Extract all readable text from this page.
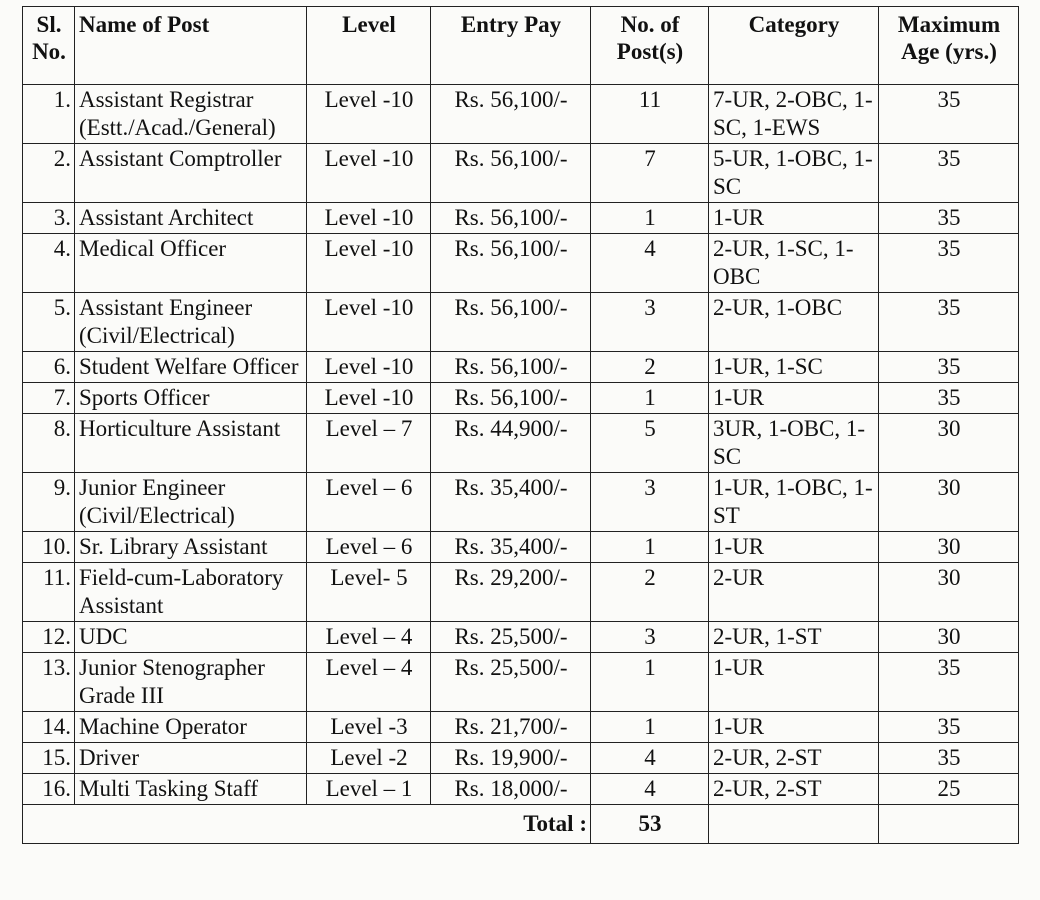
Sl. No.	Name of Post	Level	Entry Pay	No. of Post(s)	Category	Maximum Age (yrs.)
1.	Assistant Registrar (Estt./Acad./General)	Level -10	Rs. 56,100/-	11	7-UR, 2-OBC, 1-SC, 1-EWS	35
2.	Assistant Comptroller	Level -10	Rs. 56,100/-	7	5-UR, 1-OBC, 1-SC	35
3.	Assistant Architect	Level -10	Rs. 56,100/-	1	1-UR	35
4.	Medical Officer	Level -10	Rs. 56,100/-	4	2-UR, 1-SC, 1-OBC	35
5.	Assistant Engineer (Civil/Electrical)	Level -10	Rs. 56,100/-	3	2-UR, 1-OBC	35
6.	Student Welfare Officer	Level -10	Rs. 56,100/-	2	1-UR, 1-SC	35
7.	Sports Officer	Level -10	Rs. 56,100/-	1	1-UR	35
8.	Horticulture Assistant	Level – 7	Rs. 44,900/-	5	3UR, 1-OBC, 1-SC	30
9.	Junior Engineer (Civil/Electrical)	Level – 6	Rs. 35,400/-	3	1-UR, 1-OBC, 1-ST	30
10.	Sr. Library Assistant	Level – 6	Rs. 35,400/-	1	1-UR	30
11.	Field-cum-Laboratory Assistant	Level- 5	Rs. 29,200/-	2	2-UR	30
12.	UDC	Level – 4	Rs. 25,500/-	3	2-UR, 1-ST	30
13.	Junior Stenographer Grade III	Level – 4	Rs. 25,500/-	1	1-UR	35
14.	Machine Operator	Level -3	Rs. 21,700/-	1	1-UR	35
15.	Driver	Level -2	Rs. 19,900/-	4	2-UR, 2-ST	35
16.	Multi Tasking Staff	Level – 1	Rs. 18,000/-	4	2-UR, 2-ST	25
Total :				53		
